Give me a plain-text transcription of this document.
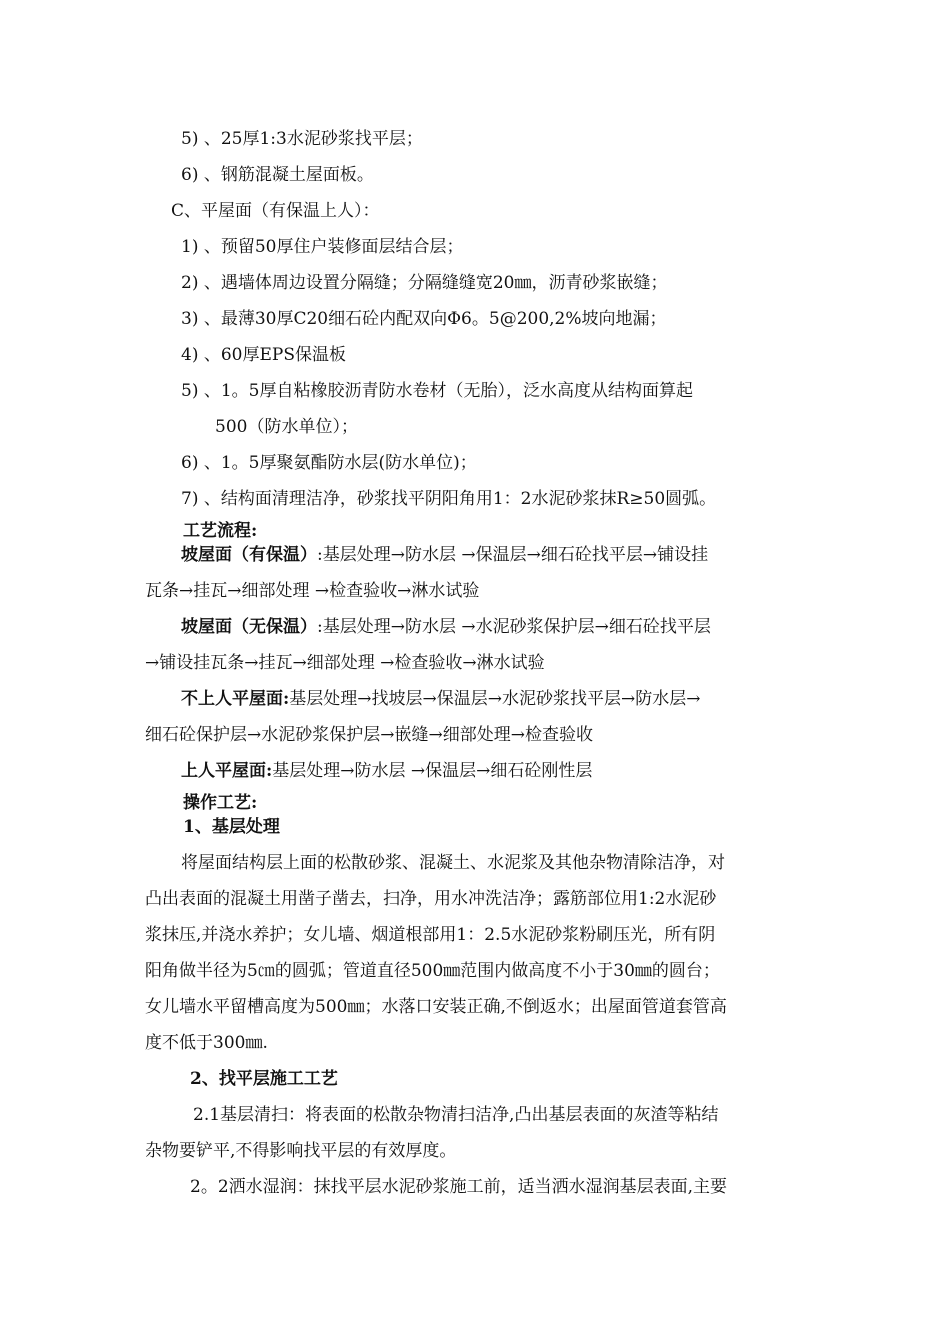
5) 、25厚1:3水泥砂浆找平层；
6) 、钢筋混凝土屋面板。
C、平屋面（有保温上人）：
1) 、预留50厚住户装修面层结合层；
2) 、遇墙体周边设置分隔缝；分隔缝缝宽20㎜，沥青砂浆嵌缝；
3) 、最薄30厚C20细石砼内配双向Φ6。5@200,2%坡向地漏；
4) 、60厚EPS保温板
5) 、1。5厚自粘橡胶沥青防水卷材（无胎），泛水高度从结构面算起
500（防水单位）；
6) 、1。5厚聚氨酯防水层(防水单位)；
7) 、结构面清理洁净，砂浆找平阴阳角用1：2水泥砂浆抹R≥50圆弧。
工艺流程:
坡屋面（有保温）:基层处理→防水层 →保温层→细石砼找平层→铺设挂
瓦条→挂瓦→细部处理 →检查验收→淋水试验
坡屋面（无保温）:基层处理→防水层 →水泥砂浆保护层→细石砼找平层
→铺设挂瓦条→挂瓦→细部处理 →检查验收→淋水试验
不上人平屋面:基层处理→找坡层→保温层→水泥砂浆找平层→防水层→
细石砼保护层→水泥砂浆保护层→嵌缝→细部处理→检查验收
上人平屋面:基层处理→防水层 →保温层→细石砼刚性层
操作工艺:
1、基层处理
将屋面结构层上面的松散砂浆、混凝土、水泥浆及其他杂物清除洁净，对
凸出表面的混凝土用凿子凿去，扫净，用水冲洗洁净；露筋部位用1:2水泥砂
浆抹压,并浇水养护；女儿墙、烟道根部用1：2.5水泥砂浆粉刷压光，所有阴
阳角做半径为5㎝的圆弧；管道直径500㎜范围内做高度不小于30㎜的圆台；
女儿墙水平留槽高度为500㎜；水落口安装正确,不倒返水；出屋面管道套管高
度不低于300㎜.
2、找平层施工工艺
2.1基层清扫：将表面的松散杂物清扫洁净,凸出基层表面的灰渣等粘结
杂物要铲平,不得影响找平层的有效厚度。
2。2洒水湿润：抹找平层水泥砂浆施工前，适当洒水湿润基层表面,主要
